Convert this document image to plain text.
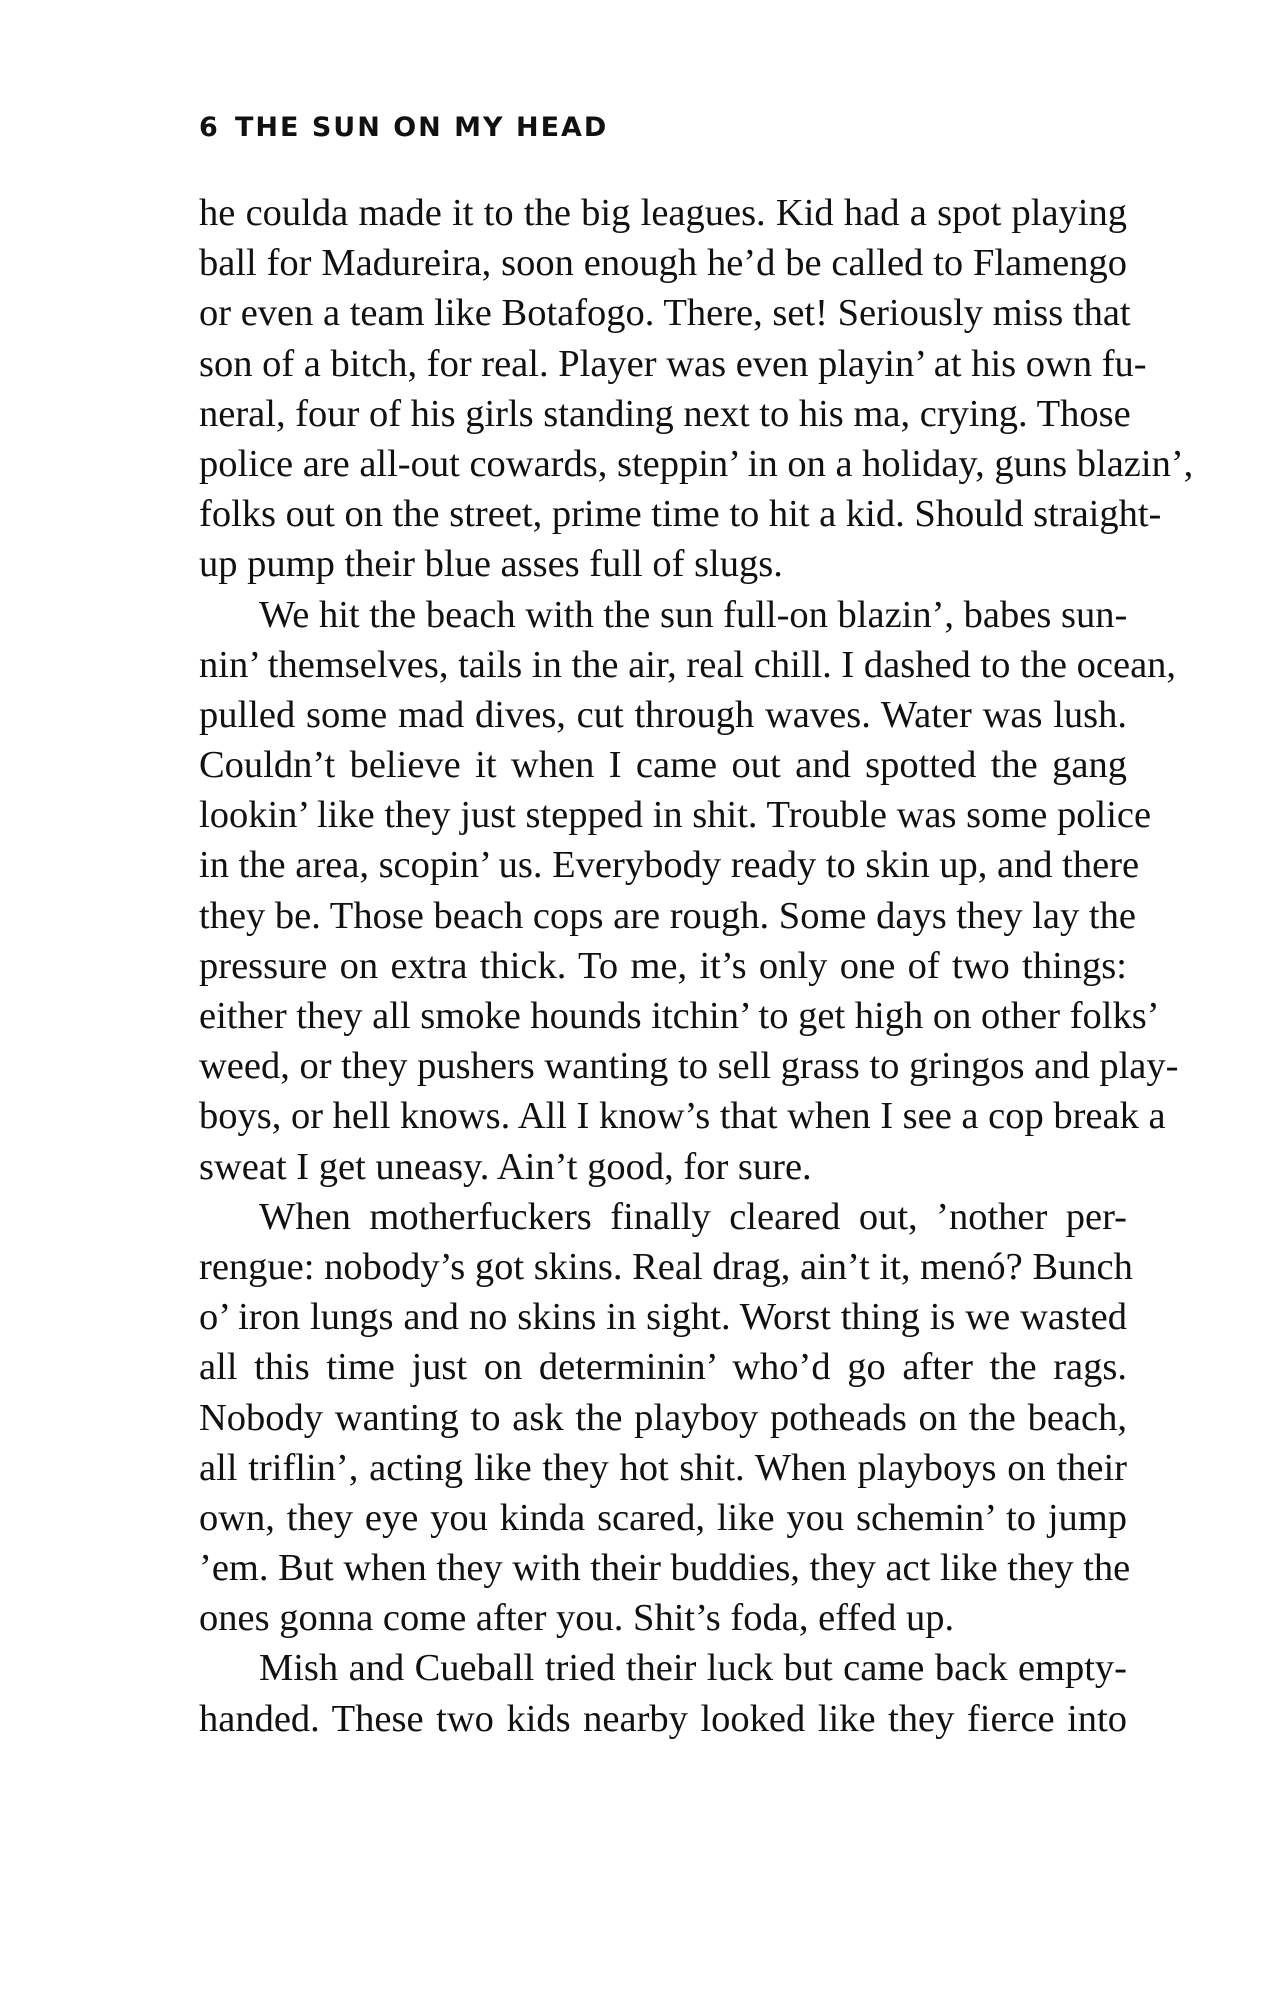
6 THE SUN ON MY HEAD
he coulda made it to the big leagues. Kid had a spot playing
ball for Madureira, soon enough he’d be called to Flamengo
or even a team like Botafogo. There, set! Seriously miss that
son of a bitch, for real. Player was even playin’ at his own fu-
neral, four of his girls standing next to his ma, crying. Those
police are all-out cowards, steppin’ in on a holiday, guns blazin’,
folks out on the street, prime time to hit a kid. Should straight-
up pump their blue asses full of slugs.
We hit the beach with the sun full-on blazin’, babes sun-
nin’ themselves, tails in the air, real chill. I dashed to the ocean,
pulled some mad dives, cut through waves. Water was lush.
Couldn’t believe it when I came out and spotted the gang
lookin’ like they just stepped in shit. Trouble was some police
in the area, scopin’ us. Everybody ready to skin up, and there
they be. Those beach cops are rough. Some days they lay the
pressure on extra thick. To me, it’s only one of two things:
either they all smoke hounds itchin’ to get high on other folks’
weed, or they pushers wanting to sell grass to gringos and play-
boys, or hell knows. All I know’s that when I see a cop break a
sweat I get uneasy. Ain’t good, for sure.
When motherfuckers finally cleared out, ’nother per-
rengue: nobody’s got skins. Real drag, ain’t it, menó? Bunch
o’ iron lungs and no skins in sight. Worst thing is we wasted
all this time just on determinin’ who’d go after the rags.
Nobody wanting to ask the playboy potheads on the beach,
all triflin’, acting like they hot shit. When playboys on their
own, they eye you kinda scared, like you schemin’ to jump
’em. But when they with their buddies, they act like they the
ones gonna come after you. Shit’s foda, effed up.
Mish and Cueball tried their luck but came back empty-
handed. These two kids nearby looked like they fierce into
